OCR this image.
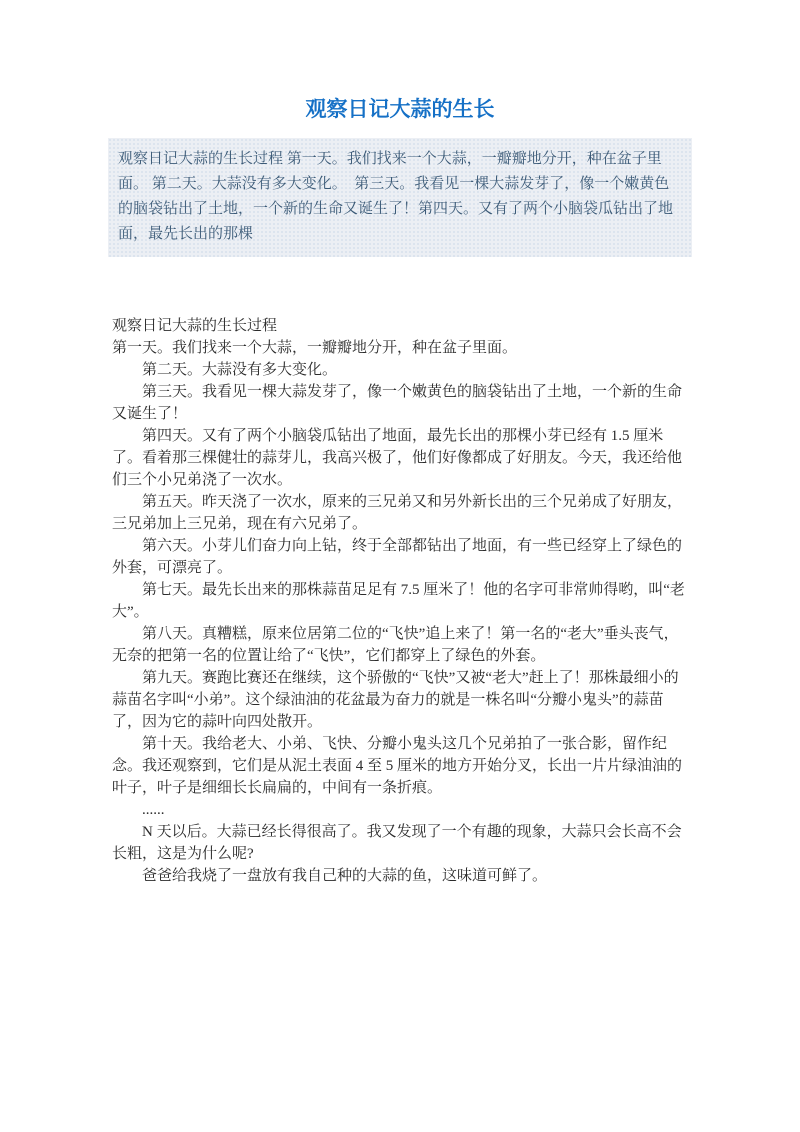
观察日记大蒜的生长
观察日记大蒜的生长过程 第一天。我们找来一个大蒜，一瓣瓣地分开，种在盆子里面。 第二天。大蒜没有多大变化。  第三天。我看见一棵大蒜发芽了，像一个嫩黄色的脑袋钻出了土地，一个新的生命又诞生了！第四天。又有了两个小脑袋瓜钻出了地面，最先长出的那棵

观察日记大蒜的生长过程

第一天。我们找来一个大蒜，一瓣瓣地分开，种在盆子里面。

第二天。大蒜没有多大变化。

第三天。我看见一棵大蒜发芽了，像一个嫩黄色的脑袋钻出了土地，一个新的生命又诞生了！

第四天。又有了两个小脑袋瓜钻出了地面，最先长出的那棵小芽已经有 1.5 厘米了。看着那三棵健壮的蒜芽儿，我高兴极了，他们好像都成了好朋友。今天，我还给他们三个小兄弟浇了一次水。

第五天。昨天浇了一次水，原来的三兄弟又和另外新长出的三个兄弟成了好朋友，三兄弟加上三兄弟，现在有六兄弟了。

第六天。小芽儿们奋力向上钻，终于全部都钻出了地面，有一些已经穿上了绿色的外套，可漂亮了。

第七天。最先长出来的那株蒜苗足足有 7.5 厘米了！他的名字可非常帅得哟，叫“老大”。

第八天。真糟糕，原来位居第二位的“飞快”追上来了！第一名的“老大”垂头丧气，无奈的把第一名的位置让给了“飞快”，它们都穿上了绿色的外套。

第九天。赛跑比赛还在继续，这个骄傲的“飞快”又被“老大”赶上了！那株最细小的蒜苗名字叫“小弟”。这个绿油油的花盆最为奋力的就是一株名叫“分瓣小鬼头”的蒜苗了，因为它的蒜叶向四处散开。

第十天。我给老大、小弟、飞快、分瓣小鬼头这几个兄弟拍了一张合影，留作纪念。我还观察到，它们是从泥土表面 4 至 5 厘米的地方开始分叉，长出一片片绿油油的叶子，叶子是细细长长扁扁的，中间有一条折痕。

......

N 天以后。大蒜已经长得很高了。我又发现了一个有趣的现象，大蒜只会长高不会长粗，这是为什么呢?

爸爸给我烧了一盘放有我自己种的大蒜的鱼，这味道可鲜了。
